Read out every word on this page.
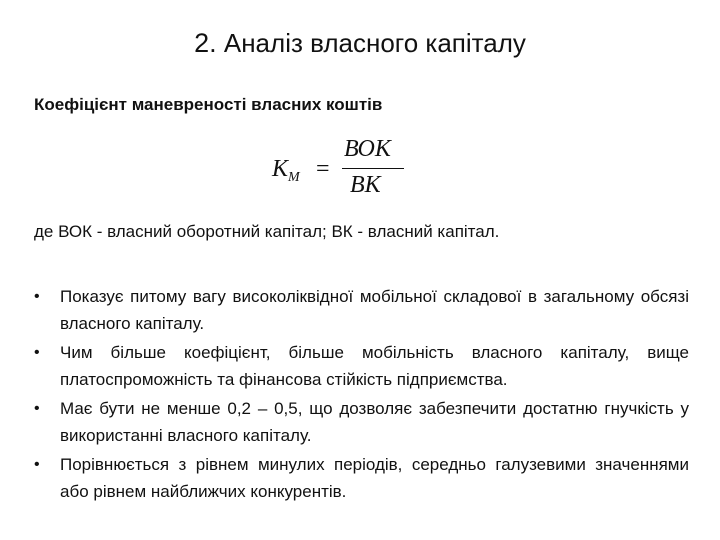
2. Аналіз власного капіталу
Коефіцієнт маневреності власних коштів
$К_М$ =
ВОК
ВК
де ВОК - власний оборотний капітал; ВК - власний капітал.
• Показує питому вагу високоліквідної мобільної складової в загальному обсязі власного капіталу.
• Чим більше коефіцієнт, більше мобільність власного капіталу, вище платоспроможність та фінансова стійкість підприємства.
• Має бути не менше 0,2 – 0,5, що дозволяє забезпечити достатню гнучкість у використанні власного капіталу.
• Порівнюється з рівнем минулих періодів, середньо галузевими значеннями або рівнем найближчих конкурентів.
